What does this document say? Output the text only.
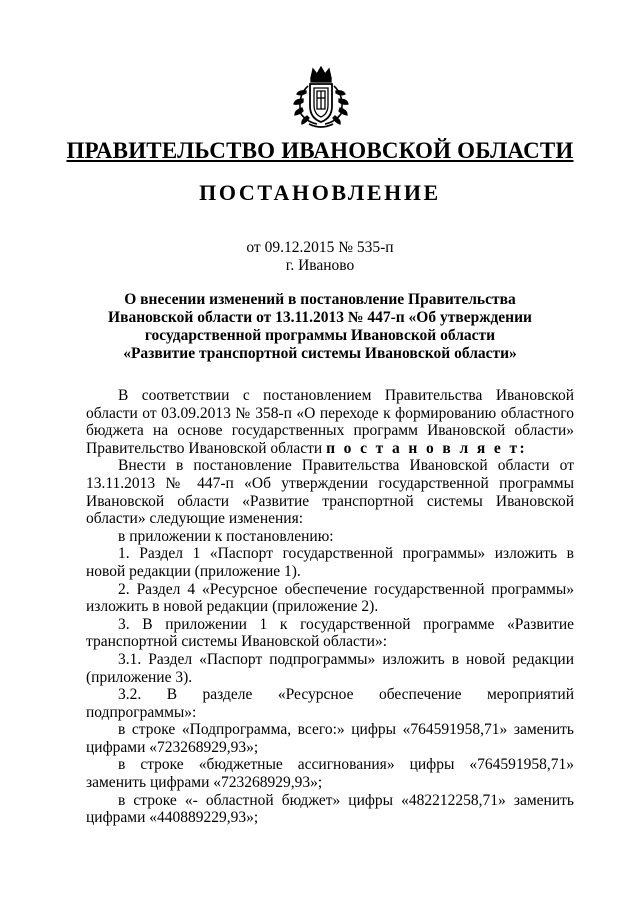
ПРАВИТЕЛЬСТВО ИВАНОВСКОЙ ОБЛАСТИ
ПОСТАНОВЛЕНИЕ
от 09.12.2015 № 535-п
г. Иваново
О внесении изменений в постановление Правительства
Ивановской области от 13.11.2013 № 447-п «Об утверждении
государственной программы Ивановской области
«Развитие транспортной системы Ивановской области»

В соответствии с постановлением Правительства Ивановской области от 03.09.2013 № 358-п «О переходе к формированию областного бюджета на основе государственных программ Ивановской области» Правительство Ивановской области п о с т а н о в л я е т:

Внести в постановление Правительства Ивановской области от 13.11.2013 № 447-п «Об утверждении государственной программы Ивановской области «Развитие транспортной системы Ивановской области» следующие изменения:

в приложении к постановлению:

1. Раздел 1 «Паспорт государственной программы» изложить в новой редакции (приложение 1).

2. Раздел 4 «Ресурсное обеспечение государственной программы» изложить в новой редакции (приложение 2).

3. В приложении 1 к государственной программе «Развитие транспортной системы Ивановской области»:

3.1. Раздел «Паспорт подпрограммы» изложить в новой редакции (приложение 3).

3.2. В разделе «Ресурсное обеспечение мероприятий подпрограммы»:

в строке «Подпрограмма, всего:» цифры «764591958,71» заменить цифрами «723268929,93»;

в строке «бюджетные ассигнования» цифры «764591958,71» заменить цифрами «723268929,93»;

в строке «- областной бюджет» цифры «482212258,71» заменить цифрами «440889229,93»;
